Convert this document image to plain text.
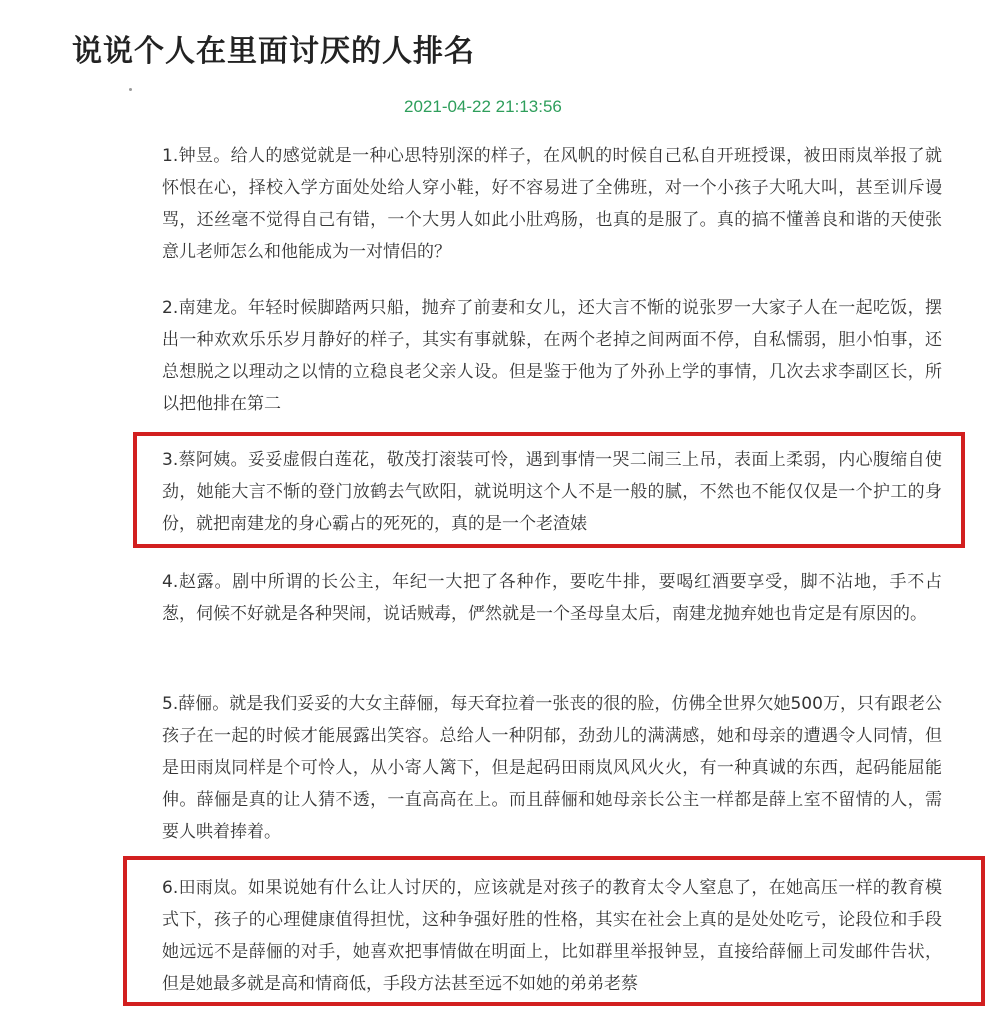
说说个人在里面讨厌的人排名
2021-04-22 21:13:56

1.钟昱。给人的感觉就是一种心思特别深的样子，在风帆的时候自己私自开班授课，被田雨岚举报了就怀恨在心，择校入学方面处处给人穿小鞋，好不容易进了全佛班，对一个小孩子大吼大叫，甚至训斥谩骂，还丝毫不觉得自己有错，一个大男人如此小肚鸡肠，也真的是服了。真的搞不懂善良和谐的天使张意儿老师怎么和他能成为一对情侣的？

2.南建龙。年轻时候脚踏两只船，抛弃了前妻和女儿，还大言不惭的说张罗一大家子人在一起吃饭，摆出一种欢欢乐乐岁月静好的样子，其实有事就躲，在两个老掉之间两面不停，自私懦弱，胆小怕事，还总想脱之以理动之以情的立稳良老父亲人设。但是鉴于他为了外孙上学的事情，几次去求李副区长，所以把他排在第二

3.蔡阿姨。妥妥虚假白莲花，敬茂打滚装可怜，遇到事情一哭二闹三上吊，表面上柔弱，内心腹缩自使劲，她能大言不惭的登门放鹤去气欧阳，就说明这个人不是一般的腻，不然也不能仅仅是一个护工的身份，就把南建龙的身心霸占的死死的，真的是一个老渣婊

4.赵露。剧中所谓的长公主，年纪一大把了各种作，要吃牛排，要喝红酒要享受，脚不沾地，手不占葱，伺候不好就是各种哭闹，说话贼毒，俨然就是一个圣母皇太后，南建龙抛弃她也肯定是有原因的。

5.薛俪。就是我们妥妥的大女主薛俪，每天耷拉着一张丧的很的脸，仿佛全世界欠她500万，只有跟老公孩子在一起的时候才能展露出笑容。总给人一种阴郁，劲劲儿的满满感，她和母亲的遭遇令人同情，但是田雨岚同样是个可怜人，从小寄人篱下，但是起码田雨岚风风火火，有一种真诚的东西，起码能屈能伸。薛俪是真的让人猜不透，一直高高在上。而且薛俪和她母亲长公主一样都是薛上室不留情的人，需要人哄着捧着。

6.田雨岚。如果说她有什么让人讨厌的，应该就是对孩子的教育太令人窒息了，在她高压一样的教育模式下，孩子的心理健康值得担忧，这种争强好胜的性格，其实在社会上真的是处处吃亏，论段位和手段她远远不是薛俪的对手，她喜欢把事情做在明面上，比如群里举报钟昱，直接给薛俪上司发邮件告状，但是她最多就是高和情商低，手段方法甚至远不如她的弟弟老蔡
